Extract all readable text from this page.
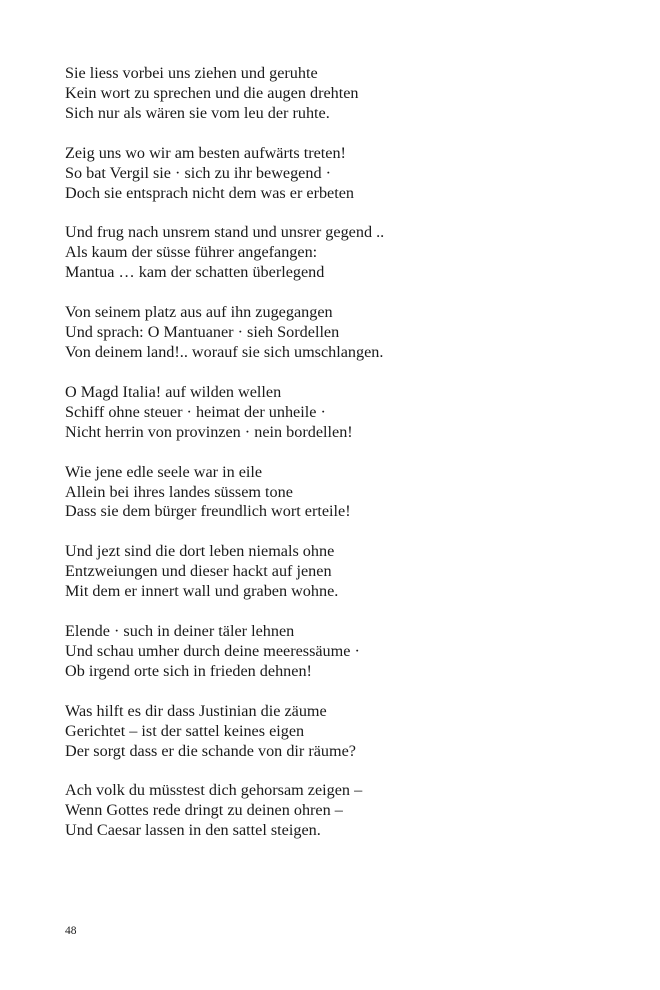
Sie liess vorbei uns ziehen und geruhte
Kein wort zu sprechen und die augen drehten
Sich nur als wären sie vom leu der ruhte.
Zeig uns wo wir am besten aufwärts treten!
So bat Vergil sie · sich zu ihr bewegend ·
Doch sie entsprach nicht dem was er erbeten
Und frug nach unsrem stand und unsrer gegend ..
Als kaum der süsse führer angefangen:
Mantua … kam der schatten überlegend
Von seinem platz aus auf ihn zugegangen
Und sprach: O Mantuaner · sieh Sordellen
Von deinem land!.. worauf sie sich umschlangen.
O Magd Italia! auf wilden wellen
Schiff ohne steuer · heimat der unheile ·
Nicht herrin von provinzen · nein bordellen!
Wie jene edle seele war in eile
Allein bei ihres landes süssem tone
Dass sie dem bürger freundlich wort erteile!
Und jezt sind die dort leben niemals ohne
Entzweiungen und dieser hackt auf jenen
Mit dem er innert wall und graben wohne.
Elende · such in deiner täler lehnen
Und schau umher durch deine meeressäume ·
Ob irgend orte sich in frieden dehnen!
Was hilft es dir dass Justinian die zäume
Gerichtet – ist der sattel keines eigen
Der sorgt dass er die schande von dir räume?
Ach volk du müsstest dich gehorsam zeigen –
Wenn Gottes rede dringt zu deinen ohren –
Und Caesar lassen in den sattel steigen.
48
